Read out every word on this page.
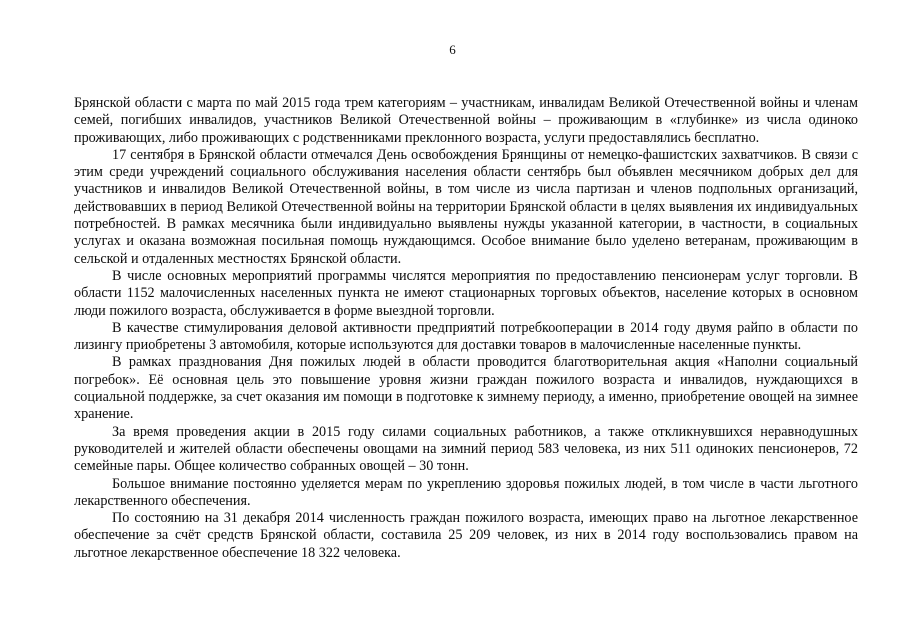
6

Брянской области с марта по май 2015 года трем категориям – участникам, инвалидам Великой Отечественной войны и членам семей, погибших инвалидов, участников Великой Отечественной войны – проживающим в «глубинке» из числа одиноко проживающих, либо проживающих с родственниками преклонного возраста, услуги предоставлялись бесплатно.

17 сентября в Брянской области отмечался День освобождения Брянщины от немецко-фашистских захватчиков. В связи с этим среди учреждений социального обслуживания населения области сентябрь был объявлен месячником добрых дел для участников и инвалидов Великой Отечественной войны, в том числе из числа партизан и членов подпольных организаций, действовавших в период Великой Отечественной войны на территории Брянской области в целях выявления их индивидуальных потребностей. В рамках месячника были индивидуально выявлены нужды указанной категории, в частности, в социальных услугах и оказана возможная посильная помощь нуждающимся. Особое внимание было уделено ветеранам, проживающим в сельской и отдаленных местностях Брянской области.

В числе основных мероприятий программы числятся мероприятия по предоставлению пенсионерам услуг торговли. В области 1152 малочисленных населенных пункта не имеют стационарных торговых объектов, население которых в основном люди пожилого возраста, обслуживается в форме выездной торговли.

В качестве стимулирования деловой активности предприятий потребкооперации в 2014 году двумя райпо в области по лизингу приобретены 3 автомобиля, которые используются для доставки товаров в малочисленные населенные пункты.

В рамках празднования Дня пожилых людей в области проводится благотворительная акция «Наполни социальный погребок». Её основная цель это повышение уровня жизни граждан пожилого возраста и инвалидов, нуждающихся в социальной поддержке, за счет оказания им помощи в подготовке к зимнему периоду, а именно, приобретение овощей на зимнее хранение.

За время проведения акции в 2015 году силами социальных работников, а также откликнувшихся неравнодушных руководителей и жителей области обеспечены овощами на зимний период 583 человека, из них 511 одиноких пенсионеров, 72 семейные пары. Общее количество собранных овощей – 30 тонн.

Большое внимание постоянно уделяется мерам по укреплению здоровья пожилых людей, в том числе в части льготного лекарственного обеспечения.

По состоянию на 31 декабря 2014 численность граждан пожилого возраста, имеющих право на льготное лекарственное обеспечение за счёт средств Брянской области, составила 25 209 человек, из них в 2014 году воспользовались правом на льготное лекарственное обеспечение 18 322 человека.
